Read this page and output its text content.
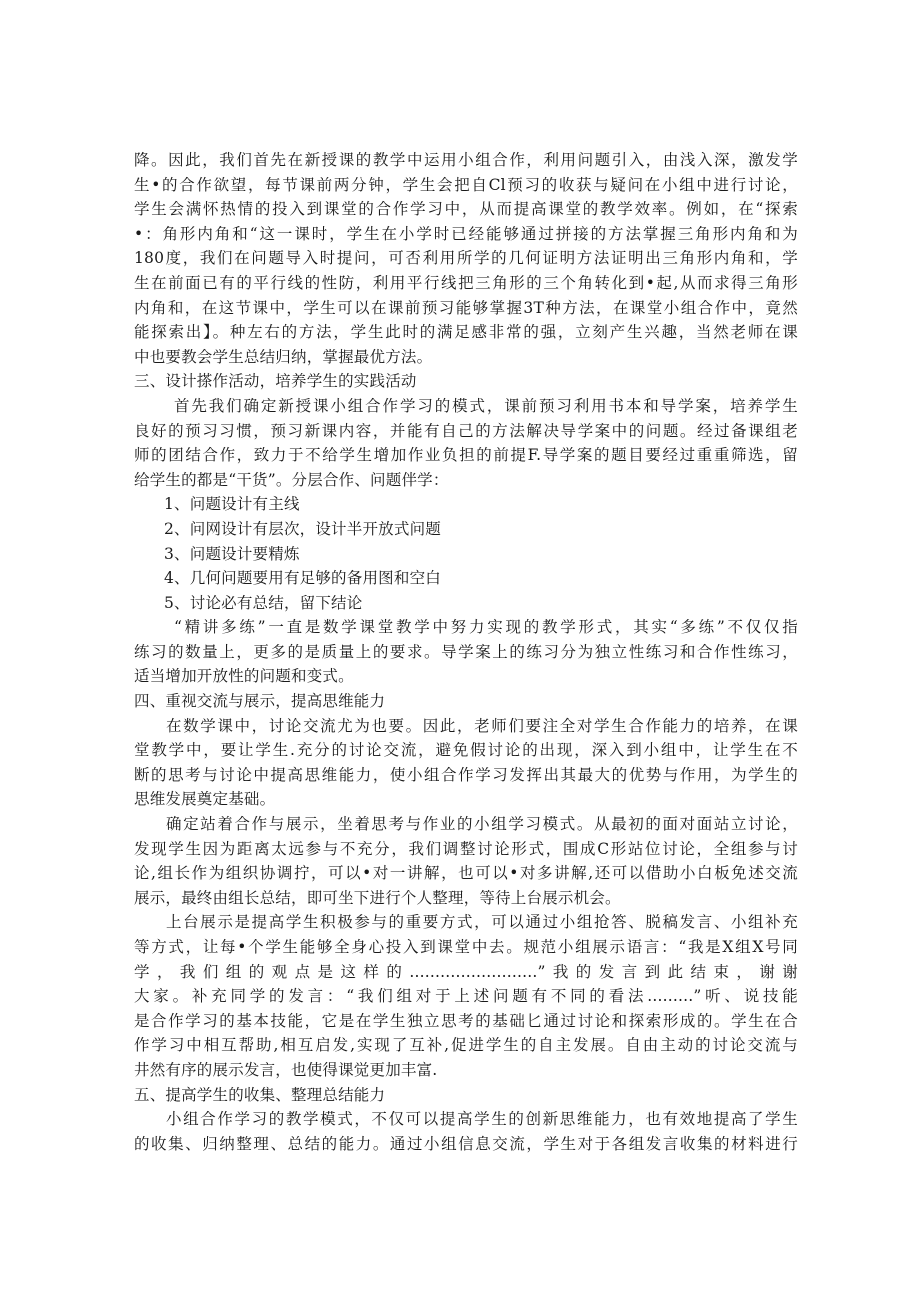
降。因此，我们首先在新授课的教学中运用小组合作，利用问题引入，由浅入深，激发学
生•的合作欲望，每节课前两分钟，学生会把自Cl预习的收获与疑问在小组中进行讨论，
学生会满怀热情的投入到课堂的合作学习中，从而提高课堂的教学效率。例如，在“探索
•：角形内角和“这一课时，学生在小学时已经能够通过拼接的方法掌握三角形内角和为
180度，我们在问题导入时提问，可否利用所学的几何证明方法证明出三角形内角和，学
生在前面已有的平行线的性防，利用平行线把三角形的三个角转化到•起,从而求得三角形
内角和，在这节课中，学生可以在课前预习能够掌握3T种方法，在课堂小组合作中，竟然
能探索出】。种左右的方法，学生此时的满足感非常的强，立刻产生兴趣，当然老师在课
中也要教会学生总结归纳，掌握最优方法。
三、设计搽作活动，培养学生的实践活动
首先我们确定新授课小组合作学习的模式，课前预习利用书本和导学案，培养学生
良好的预习习惯，预习新课内容，并能有自己的方法解决导学案中的问题。经过备课组老
师的团结合作，致力于不给学生增加作业负担的前提F.导学案的题目要经过重重筛选，留
给学生的都是“干货”。分层合作、问题伴学：
1、问题设计有主线
2、问网设计有层次，设计半开放式问题
3、问题设计要精炼
4、几何问题要用有足够的备用图和空白
5、讨论必有总结，留下结论
“精讲多练”一直是数学课堂教学中努力实现的教学形式，其实“多练”不仅仅指
练习的数量上，更多的是质量上的要求。导学案上的练习分为独立性练习和合作性练习，
适当增加开放性的问题和变式。
四、重视交流与展示，提高思维能力
在数学课中，讨论交流尤为也要。因此，老师们要注全对学生合作能力的培养，在课
堂教学中，要让学生.充分的讨论交流，避免假讨论的出现，深入到小组中，让学生在不
断的思考与讨论中提高思维能力，使小组合作学习发挥出其最大的优势与作用，为学生的
思维发展奠定基础。
确定站着合作与展示，坐着思考与作业的小组学习模式。从最初的面对面站立讨论，
发现学生因为距离太远参与不充分，我们调整讨论形式，围成C形站位讨论，全组参与讨
论,组长作为组织协调拧，可以•对一讲解，也可以•对多讲解,还可以借助小白板免述交流
展示，最终由组长总结，即可坐下进行个人整理，等待上台展示机会。
上台展示是提高学生积极参与的重要方式，可以通过小组抢答、脱稿发言、小组补充
等方式，让每•个学生能够全身心投入到课堂中去。规范小组展示语言：“我是X组X号同
学，我们组的观点是这样的.........................”我的发言到此结束，谢谢
大家。补充同学的发言：“我们组对于上述问题有不同的看法.........”听、说技能
是合作学习的基本技能，它是在学生独立思考的基础匕通过讨论和探索形成的。学生在合
作学习中相互帮助,相互启发,实现了互补,促进学生的自主发展。自由主动的讨论交流与
井然有序的展示发言，也使得课觉更加丰富.
五、提高学生的收集、整理总结能力
小组合作学习的教学模式，不仅可以提高学生的创新思维能力，也有效地提高了学生
的收集、归纳整理、总结的能力。通过小组信息交流，学生对于各组发言收集的材料进行
